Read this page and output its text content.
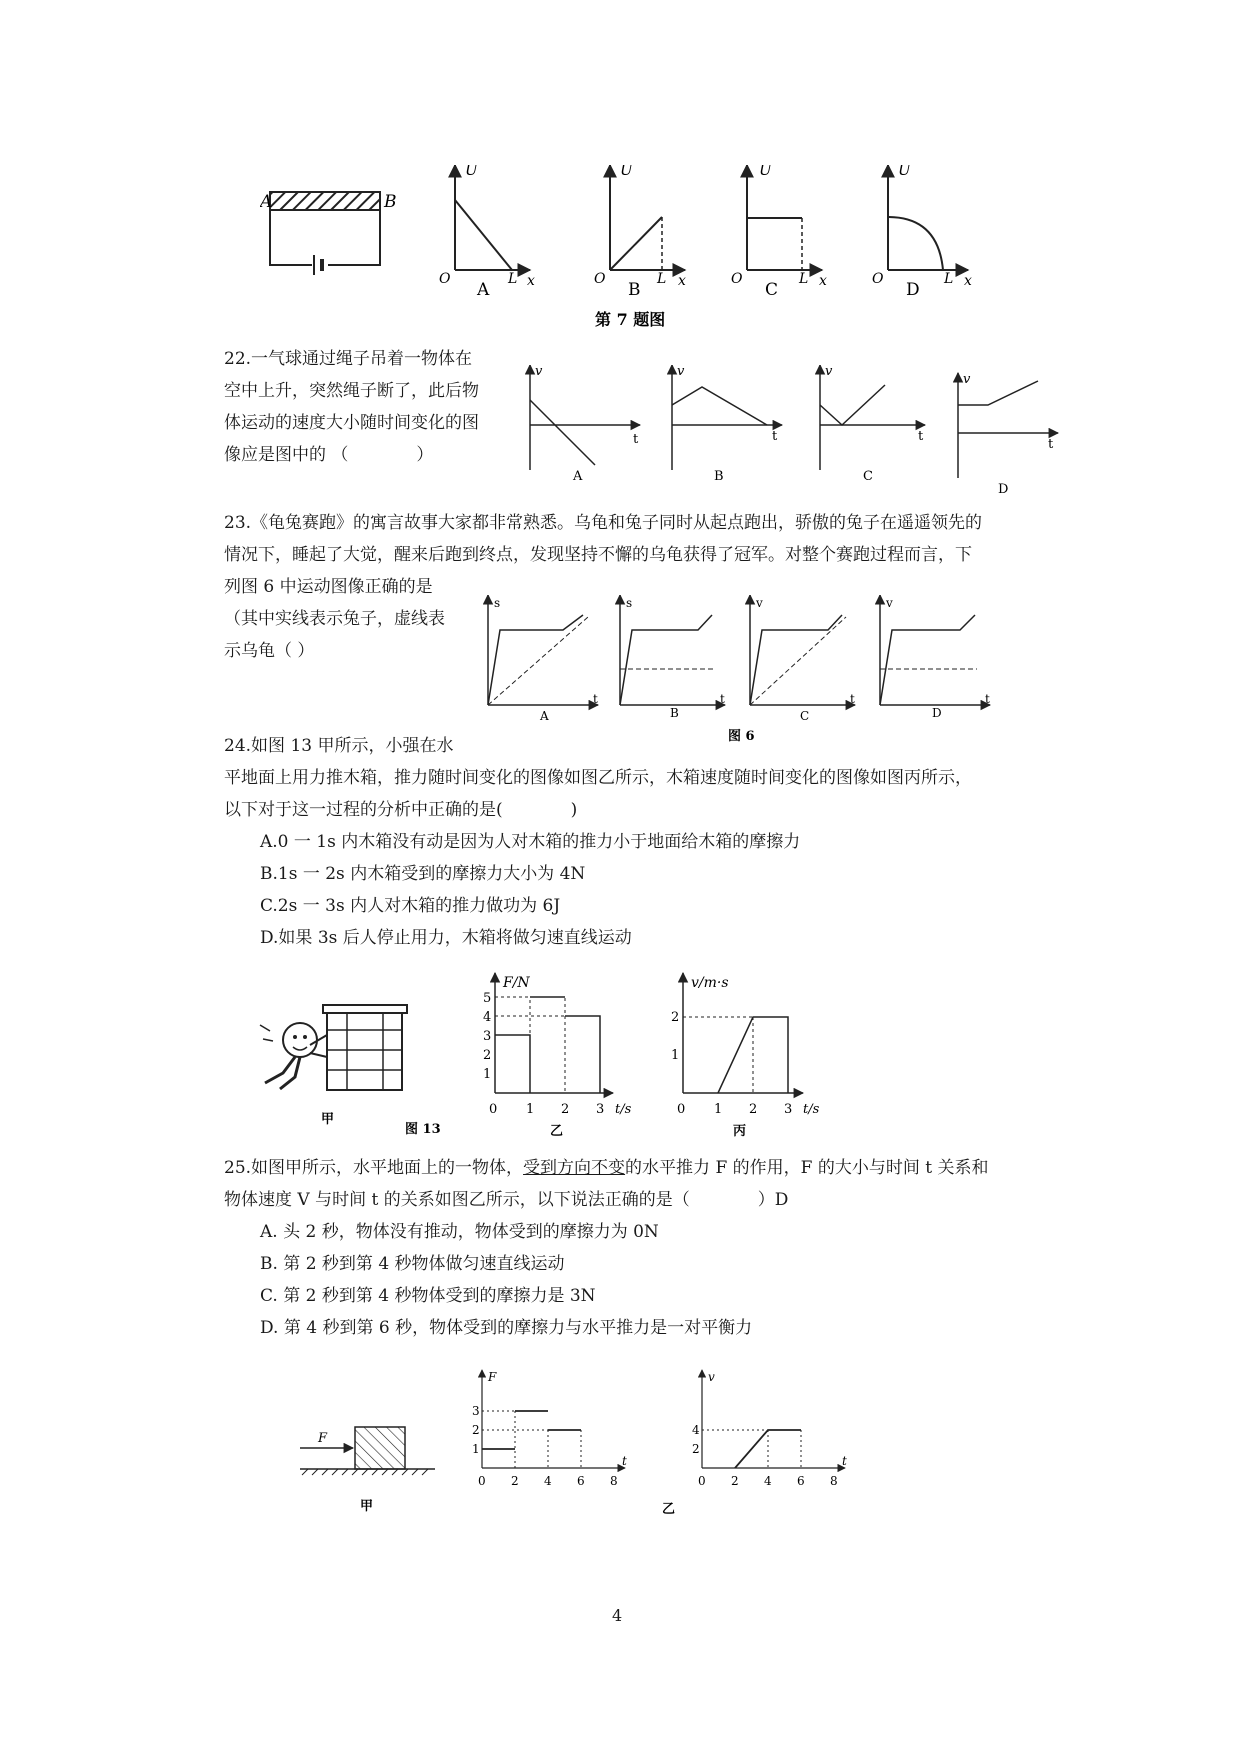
A	B
U
O	L x
A
U
O	L x
B
U
O	L x
C
U
O	L x
D
第 7 题图
22.一气球通过绳子吊着一物体在
空中上升，突然绳子断了，此后物
体运动的速度大小随时间变化的图
像应是图中的 （　　　　）
v
t
A
v
t
B
v
t
C
v
t
D
23.《龟兔赛跑》的寓言故事大家都非常熟悉。乌龟和兔子同时从起点跑出，骄傲的兔子在遥遥领先的
情况下，睡起了大觉，醒来后跑到终点，发现坚持不懈的乌龟获得了冠军。对整个赛跑过程而言，下
列图 6 中运动图像正确的是
（其中实线表示兔子，虚线表
示乌龟（ ）
s
t
A
s
t
B
v
t
C
v
t
D
图 6
24.如图 13 甲所示，小强在水
平地面上用力推木箱，推力随时间变化的图像如图乙所示，木箱速度随时间变化的图像如图丙所示，
以下对于这一过程的分析中正确的是(　　　　)
A.0 一 1s 内木箱没有动是因为人对木箱的推力小于地面给木箱的摩擦力
B.1s 一 2s 内木箱受到的摩擦力大小为 4N
C.2s 一 3s 内人对木箱的推力做功为 6J
D.如果 3s 后人停止用力，木箱将做匀速直线运动
甲
图 13
F/N
1
2
3
4
5
0 1 2 3 t/s
乙
v/m·s
1
2
0 1 2 3 t/s
丙
25.如图甲所示，水平地面上的一物体，受到方向不变的水平推力 F 的作用，F 的大小与时间 t 关系和
物体速度 V 与时间 t 的关系如图乙所示，以下说法正确的是（　　　　）D
A. 头 2 秒，物体没有推动，物体受到的摩擦力为 0N
B. 第 2 秒到第 4 秒物体做匀速直线运动
C. 第 2 秒到第 4 秒物体受到的摩擦力是 3N
D. 第 4 秒到第 6 秒，物体受到的摩擦力与水平推力是一对平衡力
F
甲
F
1
2
3
0 2 4 6 8
t
v
2
4
0 2 4 6 8
t
乙
4
